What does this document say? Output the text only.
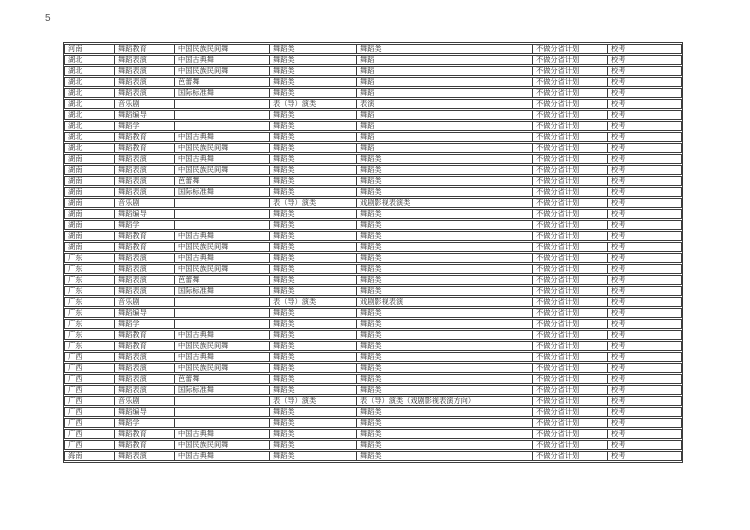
5
河南	舞蹈教育	中国民族民间舞	舞蹈类	舞蹈类	不做分省计划	校考
湖北	舞蹈表演	中国古典舞	舞蹈类	舞蹈	不做分省计划	校考
湖北	舞蹈表演	中国民族民间舞	舞蹈类	舞蹈	不做分省计划	校考
湖北	舞蹈表演	芭蕾舞	舞蹈类	舞蹈	不做分省计划	校考
湖北	舞蹈表演	国际标准舞	舞蹈类	舞蹈	不做分省计划	校考
湖北	音乐剧		表（导）演类	表演	不做分省计划	校考
湖北	舞蹈编导		舞蹈类	舞蹈	不做分省计划	校考
湖北	舞蹈学		舞蹈类	舞蹈	不做分省计划	校考
湖北	舞蹈教育	中国古典舞	舞蹈类	舞蹈	不做分省计划	校考
湖北	舞蹈教育	中国民族民间舞	舞蹈类	舞蹈	不做分省计划	校考
湖南	舞蹈表演	中国古典舞	舞蹈类	舞蹈类	不做分省计划	校考
湖南	舞蹈表演	中国民族民间舞	舞蹈类	舞蹈类	不做分省计划	校考
湖南	舞蹈表演	芭蕾舞	舞蹈类	舞蹈类	不做分省计划	校考
湖南	舞蹈表演	国际标准舞	舞蹈类	舞蹈类	不做分省计划	校考
湖南	音乐剧		表（导）演类	戏剧影视表演类	不做分省计划	校考
湖南	舞蹈编导		舞蹈类	舞蹈类	不做分省计划	校考
湖南	舞蹈学		舞蹈类	舞蹈类	不做分省计划	校考
湖南	舞蹈教育	中国古典舞	舞蹈类	舞蹈类	不做分省计划	校考
湖南	舞蹈教育	中国民族民间舞	舞蹈类	舞蹈类	不做分省计划	校考
广东	舞蹈表演	中国古典舞	舞蹈类	舞蹈类	不做分省计划	校考
广东	舞蹈表演	中国民族民间舞	舞蹈类	舞蹈类	不做分省计划	校考
广东	舞蹈表演	芭蕾舞	舞蹈类	舞蹈类	不做分省计划	校考
广东	舞蹈表演	国际标准舞	舞蹈类	舞蹈类	不做分省计划	校考
广东	音乐剧		表（导）演类	戏剧影视表演	不做分省计划	校考
广东	舞蹈编导		舞蹈类	舞蹈类	不做分省计划	校考
广东	舞蹈学		舞蹈类	舞蹈类	不做分省计划	校考
广东	舞蹈教育	中国古典舞	舞蹈类	舞蹈类	不做分省计划	校考
广东	舞蹈教育	中国民族民间舞	舞蹈类	舞蹈类	不做分省计划	校考
广西	舞蹈表演	中国古典舞	舞蹈类	舞蹈类	不做分省计划	校考
广西	舞蹈表演	中国民族民间舞	舞蹈类	舞蹈类	不做分省计划	校考
广西	舞蹈表演	芭蕾舞	舞蹈类	舞蹈类	不做分省计划	校考
广西	舞蹈表演	国际标准舞	舞蹈类	舞蹈类	不做分省计划	校考
广西	音乐剧		表（导）演类	表（导）演类（戏剧影视表演方向）	不做分省计划	校考
广西	舞蹈编导		舞蹈类	舞蹈类	不做分省计划	校考
广西	舞蹈学		舞蹈类	舞蹈类	不做分省计划	校考
广西	舞蹈教育	中国古典舞	舞蹈类	舞蹈类	不做分省计划	校考
广西	舞蹈教育	中国民族民间舞	舞蹈类	舞蹈类	不做分省计划	校考
海南	舞蹈表演	中国古典舞	舞蹈类	舞蹈类	不做分省计划	校考
